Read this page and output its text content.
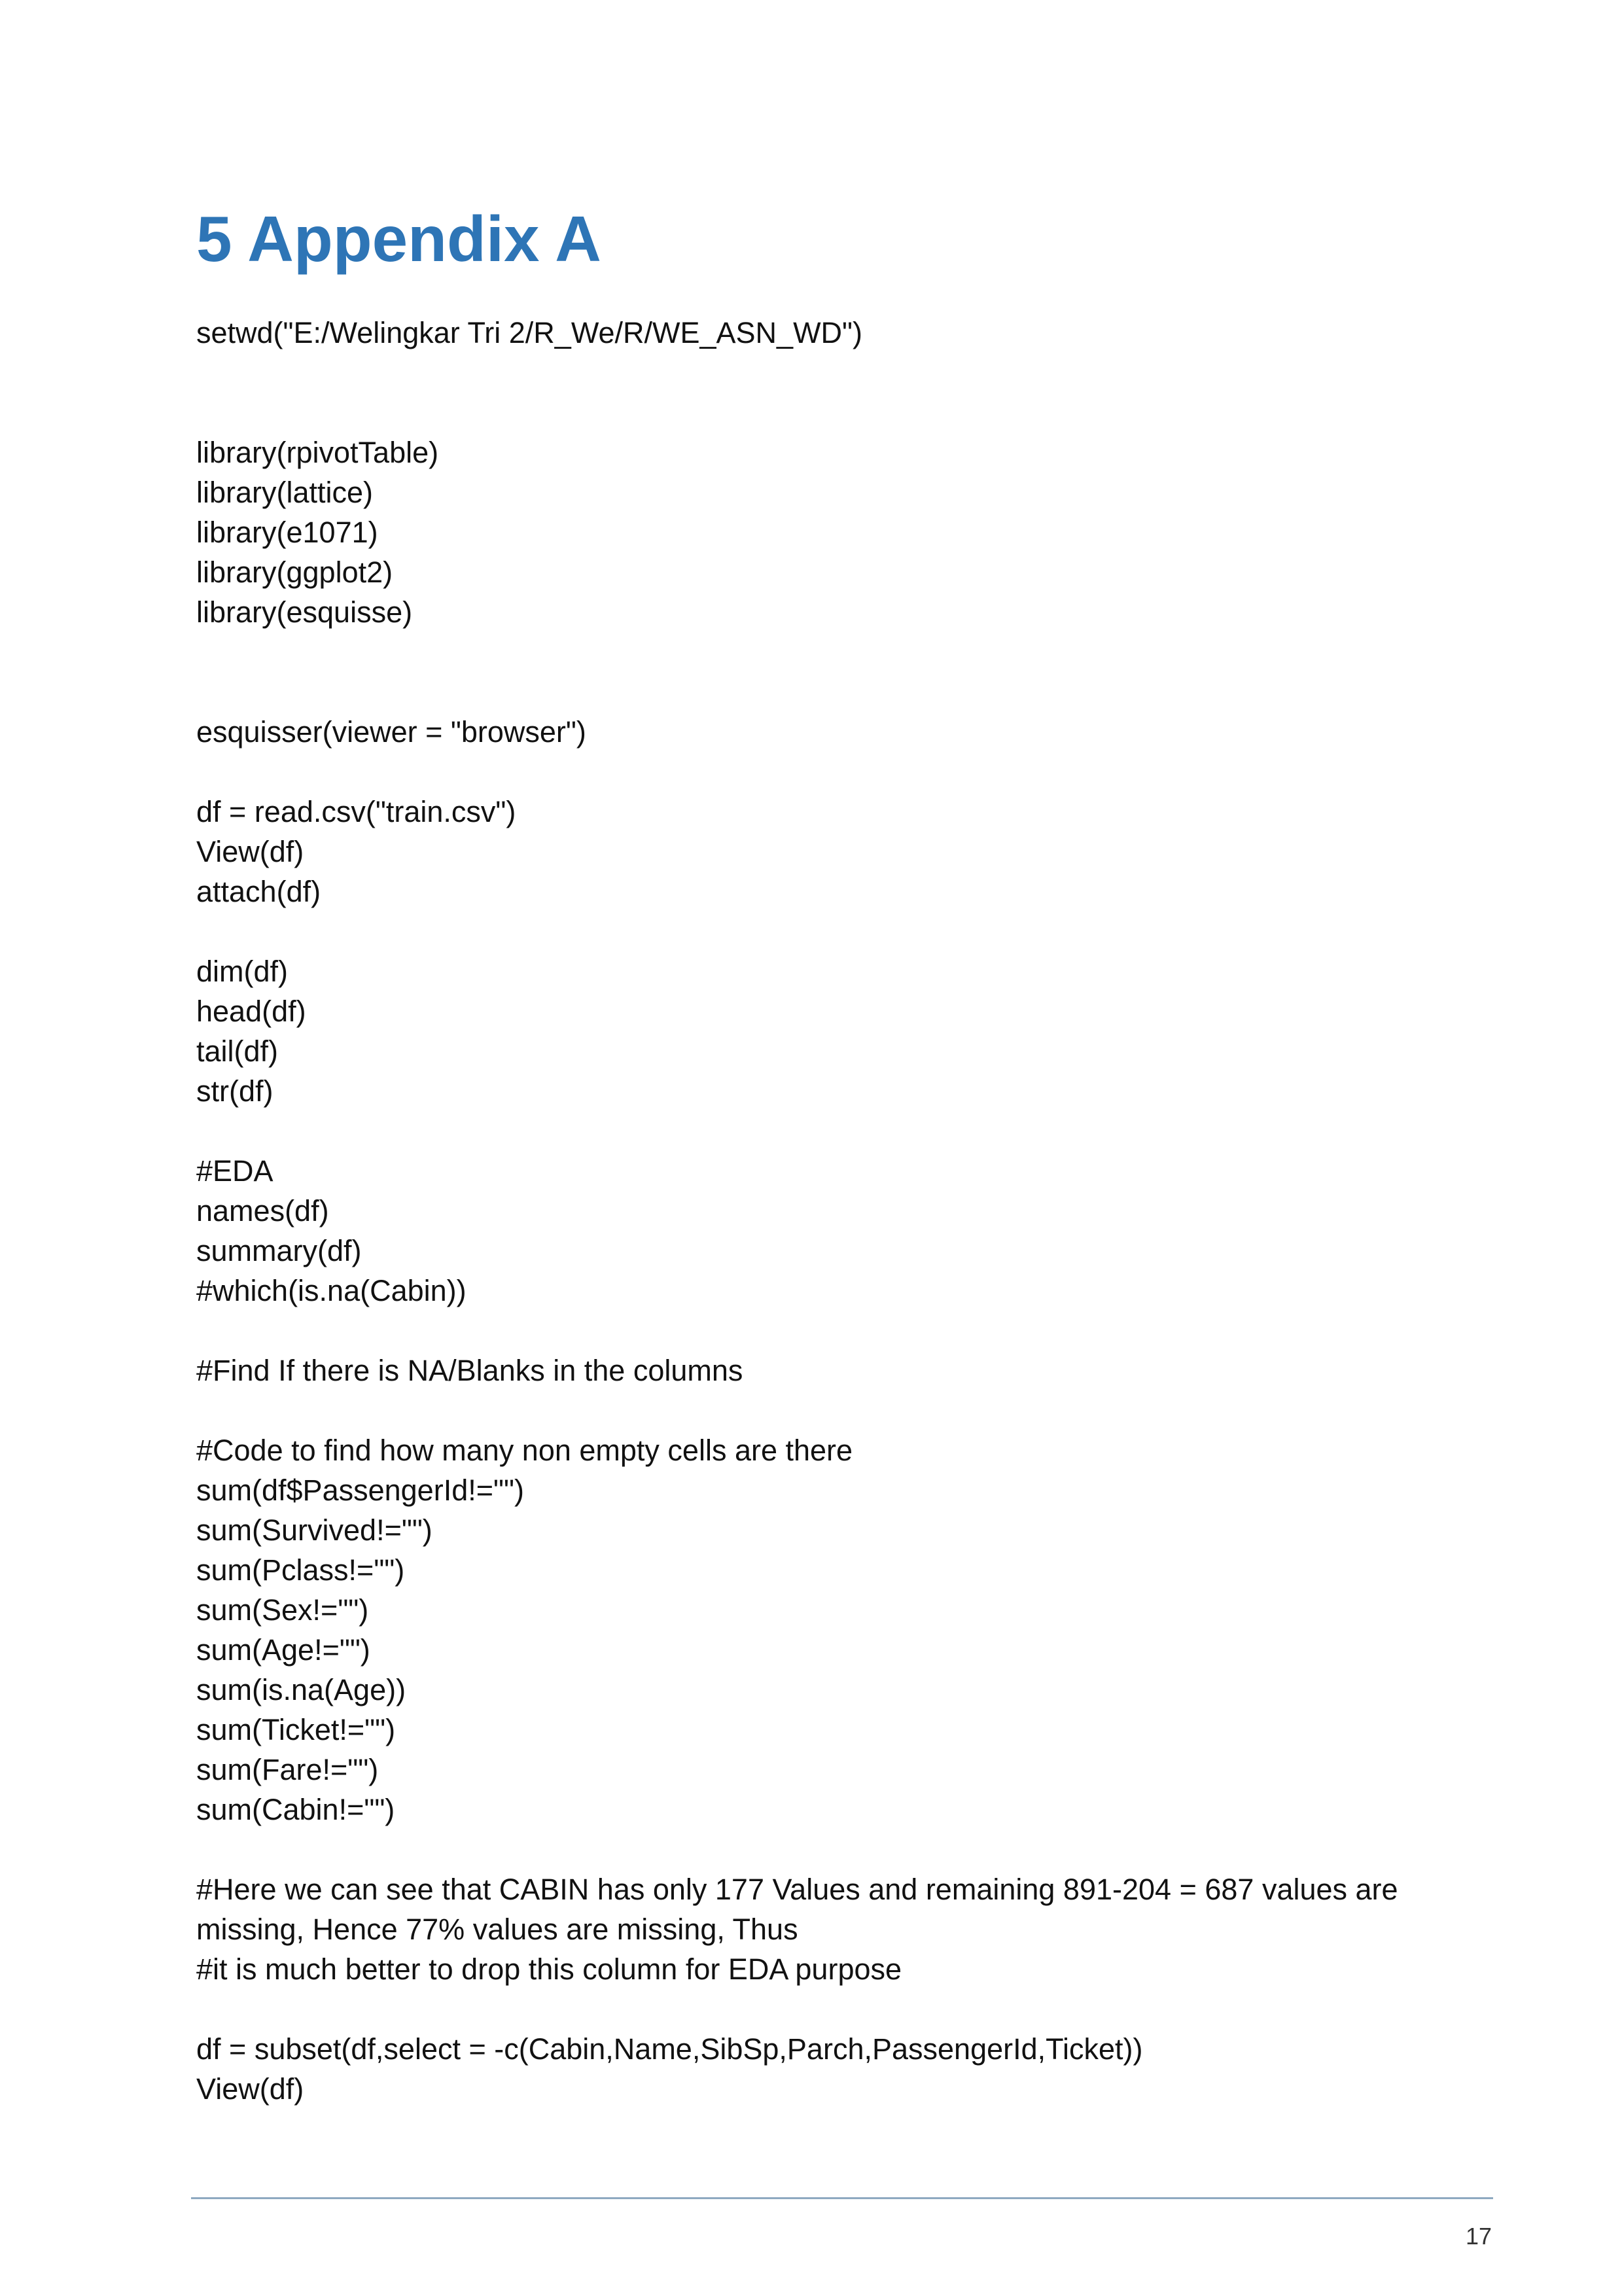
5 Appendix A
setwd("E:/Welingkar Tri 2/R_We/R/WE_ASN_WD")
library(rpivotTable)
library(lattice)
library(e1071)
library(ggplot2)
library(esquisse)
esquisser(viewer = "browser")
df = read.csv("train.csv")
View(df)
attach(df)
dim(df)
head(df)
tail(df)
str(df)
#EDA
names(df)
summary(df)
#which(is.na(Cabin))
#Find If there is NA/Blanks in the columns
#Code to find how many non empty cells are there
sum(df$PassengerId!="")
sum(Survived!="")
sum(Pclass!="")
sum(Sex!="")
sum(Age!="")
sum(is.na(Age))
sum(Ticket!="")
sum(Fare!="")
sum(Cabin!="")
#Here we can see that CABIN has only 177 Values and remaining 891-204 = 687 values are
missing, Hence 77% values are missing, Thus
#it is much better to drop this column for EDA purpose
df = subset(df,select = -c(Cabin,Name,SibSp,Parch,PassengerId,Ticket))
View(df)
17
